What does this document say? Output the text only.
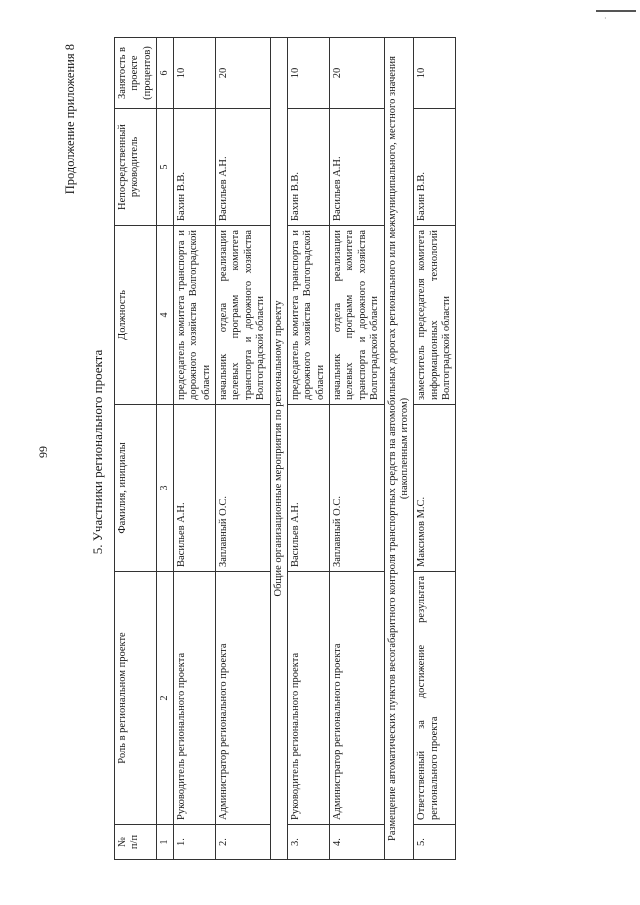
·
99
Продолжение приложения 8
5. Участники регионального проекта
№
п/п	Роль в региональном проекте	Фамилия, инициалы	Должность	Непосредственный руководитель	Занятость в проекте (процентов)
1	2	3	4	5	6
1.	Руководитель регионального проекта	Васильев А.Н.	председатель комитета транспорта и дорожного хозяйства Волгоградской области	Бахин В.В.	10
2.	Администратор регионального проекта	Заплавный О.С.	начальник отдела реализации целевых программ комитета транспорта и дорожного хозяйства Волгоградской области	Васильев А.Н.	20
Общие организационные мероприятия по региональному проекту					
3.	Руководитель регионального проекта	Васильев А.Н.	председатель комитета транспорта и дорожного хозяйства Волгоградской области	Бахин В.В.	10
4.	Администратор регионального проекта	Заплавный О.С.	начальник отдела реализации целевых программ комитета транспорта и дорожного хозяйства Волгоградской области	Васильев А.Н.	20
Размещение автоматических пунктов весогабаритного контроля транспортных средств на автомобильных дорогах регионального или межмуниципального, местного значения (накопленным итогом)					
5.	Ответственный за достижение результата регионального проекта	Максимов М.С.	заместитель председателя комитета информационных технологий Волгоградской области	Бахин В.В.	10
